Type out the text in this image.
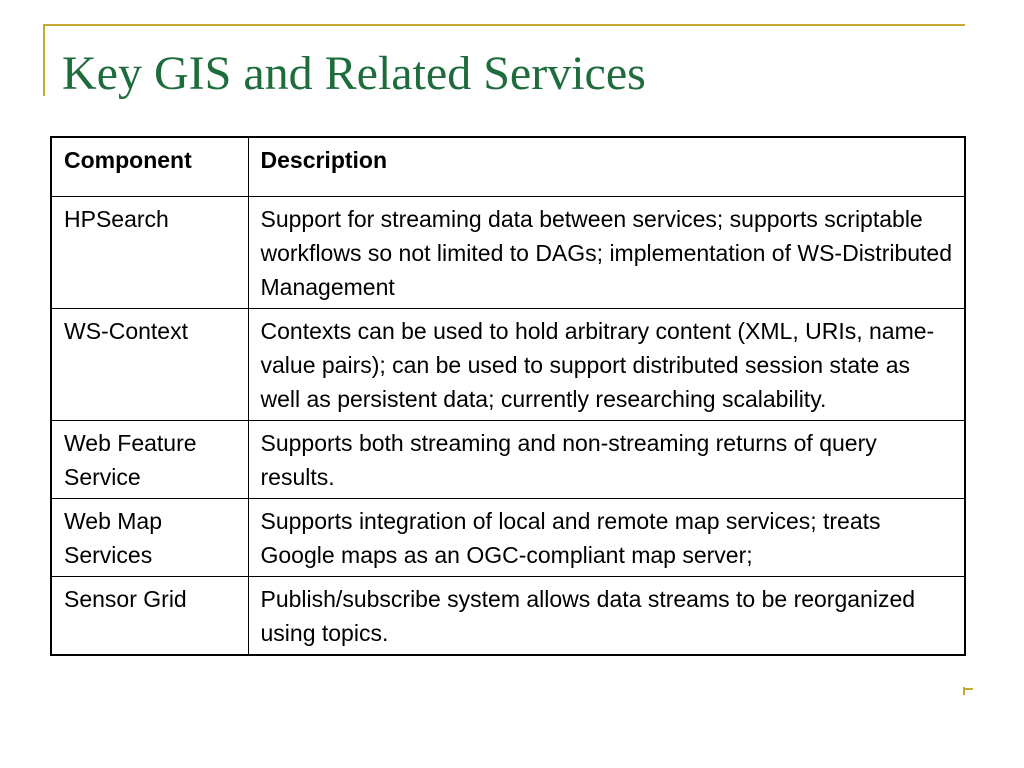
Key GIS and Related Services
Component	Description
HPSearch	Support for streaming data between services; supports scriptable workflows so not limited to DAGs; implementation of WS-Distributed Management
WS-Context	Contexts can be used to hold arbitrary content (XML, URIs, name-value pairs); can be used to support distributed session state as well as persistent data; currently researching scalability.
Web Feature Service	Supports both streaming and non-streaming returns of query results.
Web Map Services	Supports integration of local and remote map services; treats Google maps as an OGC-compliant map server;
Sensor Grid	Publish/subscribe system allows data streams to be reorganized using topics.
